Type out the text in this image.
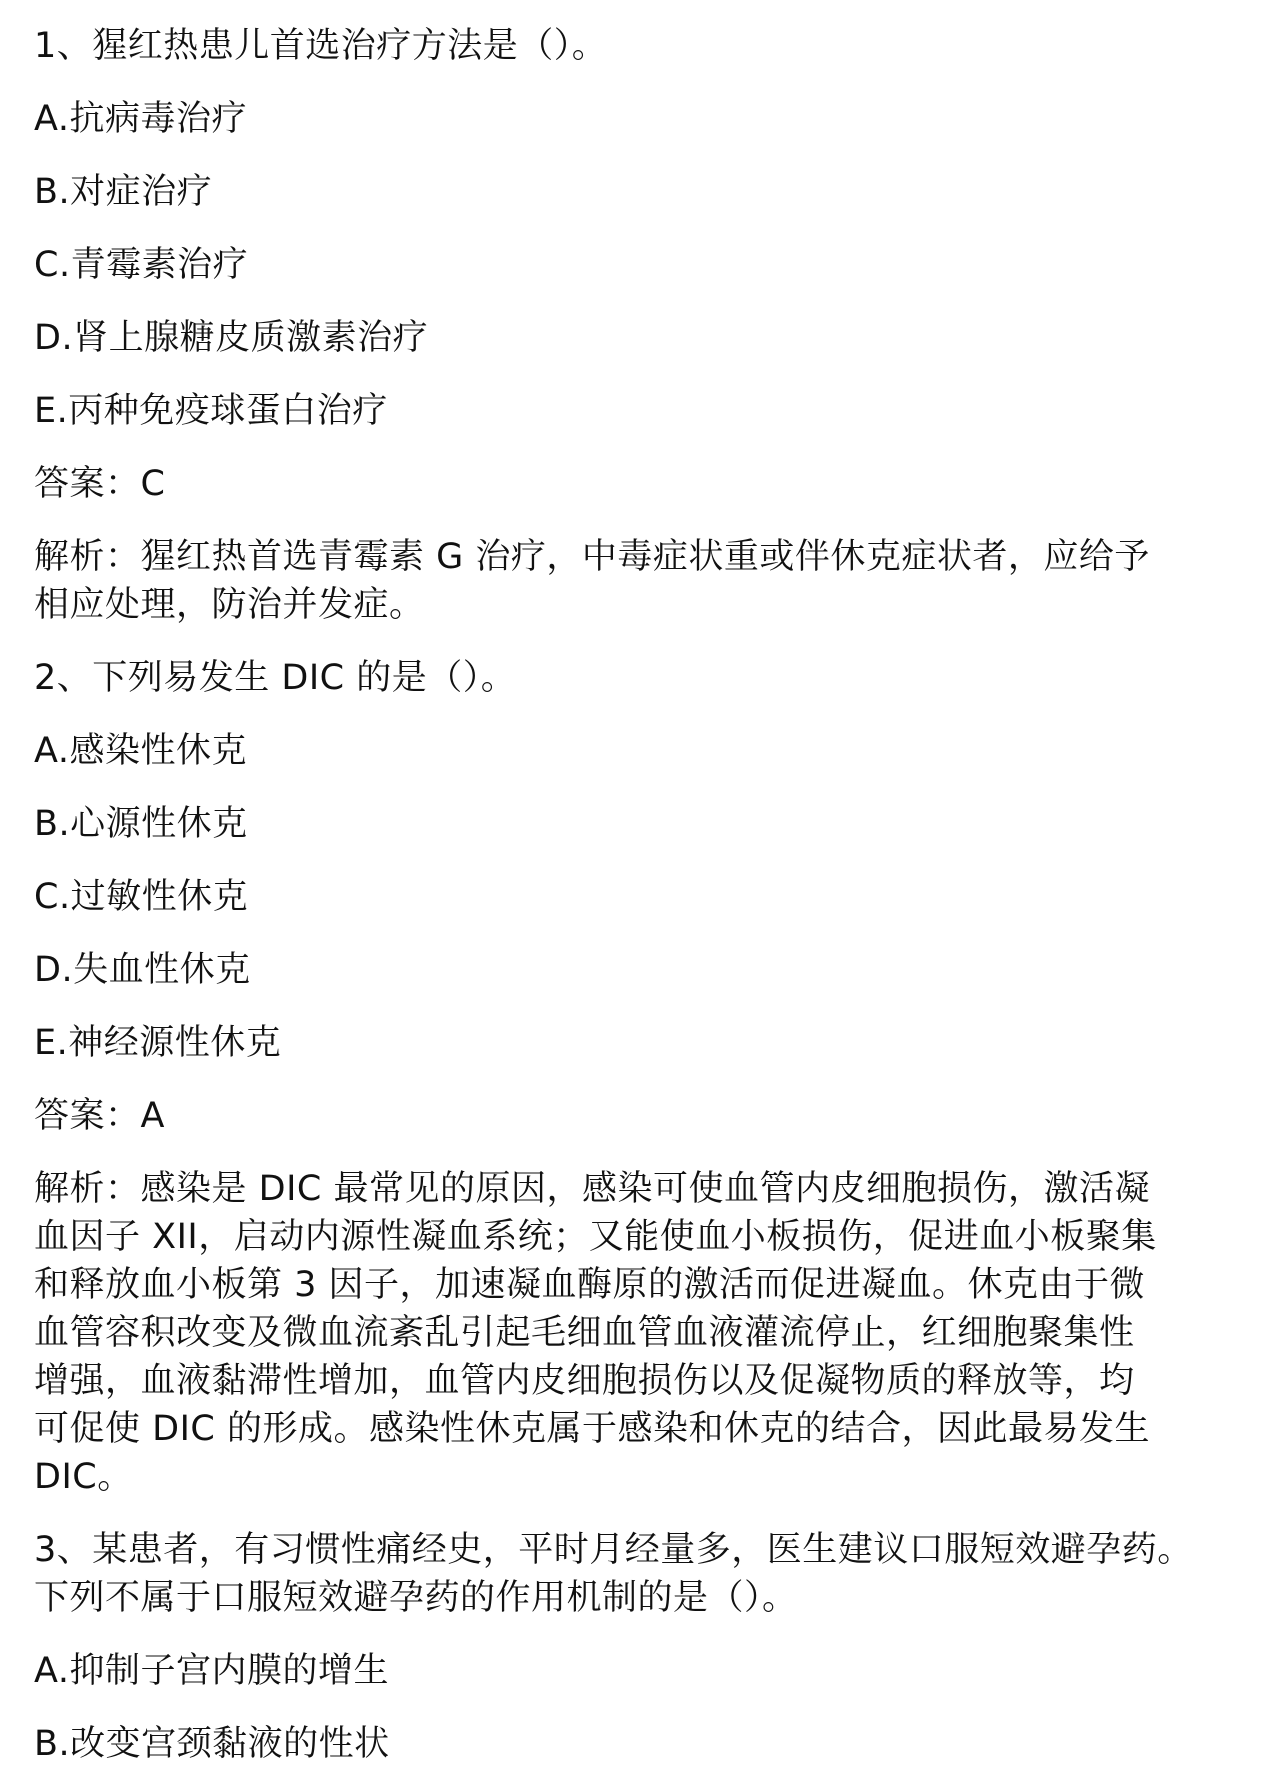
1、猩红热患儿首选治疗方法是（）。
A.抗病毒治疗
B.对症治疗
C.青霉素治疗
D.肾上腺糖皮质激素治疗
E.丙种免疫球蛋白治疗
答案：C
解析：猩红热首选青霉素 G 治疗，中毒症状重或伴休克症状者，应给予
相应处理，防治并发症。
2、下列易发生 DIC 的是（）。
A.感染性休克
B.心源性休克
C.过敏性休克
D.失血性休克
E.神经源性休克
答案：A
解析：感染是 DIC 最常见的原因，感染可使血管内皮细胞损伤，激活凝
血因子 XII，启动内源性凝血系统；又能使血小板损伤，促进血小板聚集
和释放血小板第 3 因子，加速凝血酶原的激活而促进凝血。休克由于微
血管容积改变及微血流紊乱引起毛细血管血液灌流停止，红细胞聚集性
增强，血液黏滞性增加，血管内皮细胞损伤以及促凝物质的释放等，均
可促使 DIC 的形成。感染性休克属于感染和休克的结合，因此最易发生
DIC。
3、某患者，有习惯性痛经史，平时月经量多，医生建议口服短效避孕药。
下列不属于口服短效避孕药的作用机制的是（）。
A.抑制子宫内膜的增生
B.改变宫颈黏液的性状
